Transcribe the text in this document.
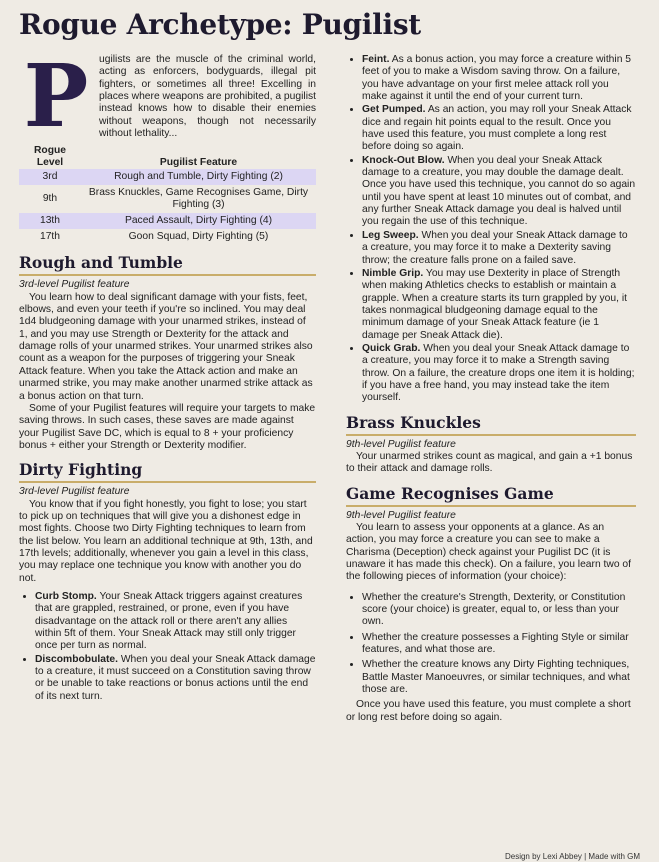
Rogue Archetype: Pugilist
P	ugilists are the muscle of the criminal world, acting as enforcers, bodyguards, illegal pit fighters, or sometimes all three! Excelling in places where weapons are prohibited, a pugilist instead knows how to disable their enemies without weapons, though not necessarily without lethality...

Rogue Level	Pugilist Feature
3rd	Rough and Tumble, Dirty Fighting (2)
9th	Brass Knuckles, Game Recognises Game, Dirty Fighting (3)
13th	Paced Assault, Dirty Fighting (4)
17th	Goon Squad, Dirty Fighting (5)
Rough and Tumble

3rd-level Pugilist feature

You learn how to deal significant damage with your fists, feet, elbows, and even your teeth if you're so inclined. You may deal 1d4 bludgeoning damage with your unarmed strikes, instead of 1, and you may use Strength or Dexterity for the attack and damage rolls of your unarmed strikes. Your unarmed strikes also count as a weapon for the purposes of triggering your Sneak Attack feature. When you take the Attack action and make an unarmed strike, you may make another unarmed strike attack as a bonus action on that turn.

Some of your Pugilist features will require your targets to make saving throws. In such cases, these saves are made against your Pugilist Save DC, which is equal to 8 + your proficiency bonus + either your Strength or Dexterity modifier.

Dirty Fighting

3rd-level Pugilist feature

You know that if you fight honestly, you fight to lose; you start to pick up on techniques that will give you a dishonest edge in most fights. Choose two Dirty Fighting techniques to learn from the list below. You learn an additional technique at 9th, 13th, and 17th levels; additionally, whenever you gain a level in this class, you may replace one technique you know with another you do not.

• Curb Stomp. Your Sneak Attack triggers against creatures that are grappled, restrained, or prone, even if you have disadvantage on the attack roll or there aren't any allies within 5ft of them. Your Sneak Attack may still only trigger once per turn as normal.
• Discombobulate. When you deal your Sneak Attack damage to a creature, it must succeed on a Constitution saving throw or be unable to take reactions or bonus actions until the end of its next turn.
• Feint. As a bonus action, you may force a creature within 5 feet of you to make a Wisdom saving throw. On a failure, you have advantage on your first melee attack roll you make against it until the end of your current turn.
• Get Pumped. As an action, you may roll your Sneak Attack dice and regain hit points equal to the result. Once you have used this feature, you must complete a long rest before doing so again.
• Knock-Out Blow. When you deal your Sneak Attack damage to a creature, you may double the damage dealt. Once you have used this technique, you cannot do so again until you have spent at least 10 minutes out of combat, and any further Sneak Attack damage you deal is halved until you regain the use of this technique.
• Leg Sweep. When you deal your Sneak Attack damage to a creature, you may force it to make a Dexterity saving throw; the creature falls prone on a failed save.
• Nimble Grip. You may use Dexterity in place of Strength when making Athletics checks to establish or maintain a grapple. When a creature starts its turn grappled by you, it takes nonmagical bludgeoning damage equal to the minimum damage of your Sneak Attack feature (ie 1 damage per Sneak Attack die).
• Quick Grab. When you deal your Sneak Attack damage to a creature, you may force it to make a Strength saving throw. On a failure, the creature drops one item it is holding; if you have a free hand, you may instead take the item yourself.
Brass Knuckles

9th-level Pugilist feature

Your unarmed strikes count as magical, and gain a +1 bonus to their attack and damage rolls.

Game Recognises Game

9th-level Pugilist feature

You learn to assess your opponents at a glance. As an action, you may force a creature you can see to make a Charisma (Deception) check against your Pugilist DC (it is unaware it has made this check). On a failure, you learn two of the following pieces of information (your choice):

• Whether the creature's Strength, Dexterity, or Constitution score (your choice) is greater, equal to, or less than your own.
• Whether the creature possesses a Fighting Style or similar features, and what those are.
• Whether the creature knows any Dirty Fighting techniques, Battle Master Manoeuvres, or similar techniques, and what those are.

Once you have used this feature, you must complete a short or long rest before doing so again.

Design by Lexi Abbey | Made with GM
